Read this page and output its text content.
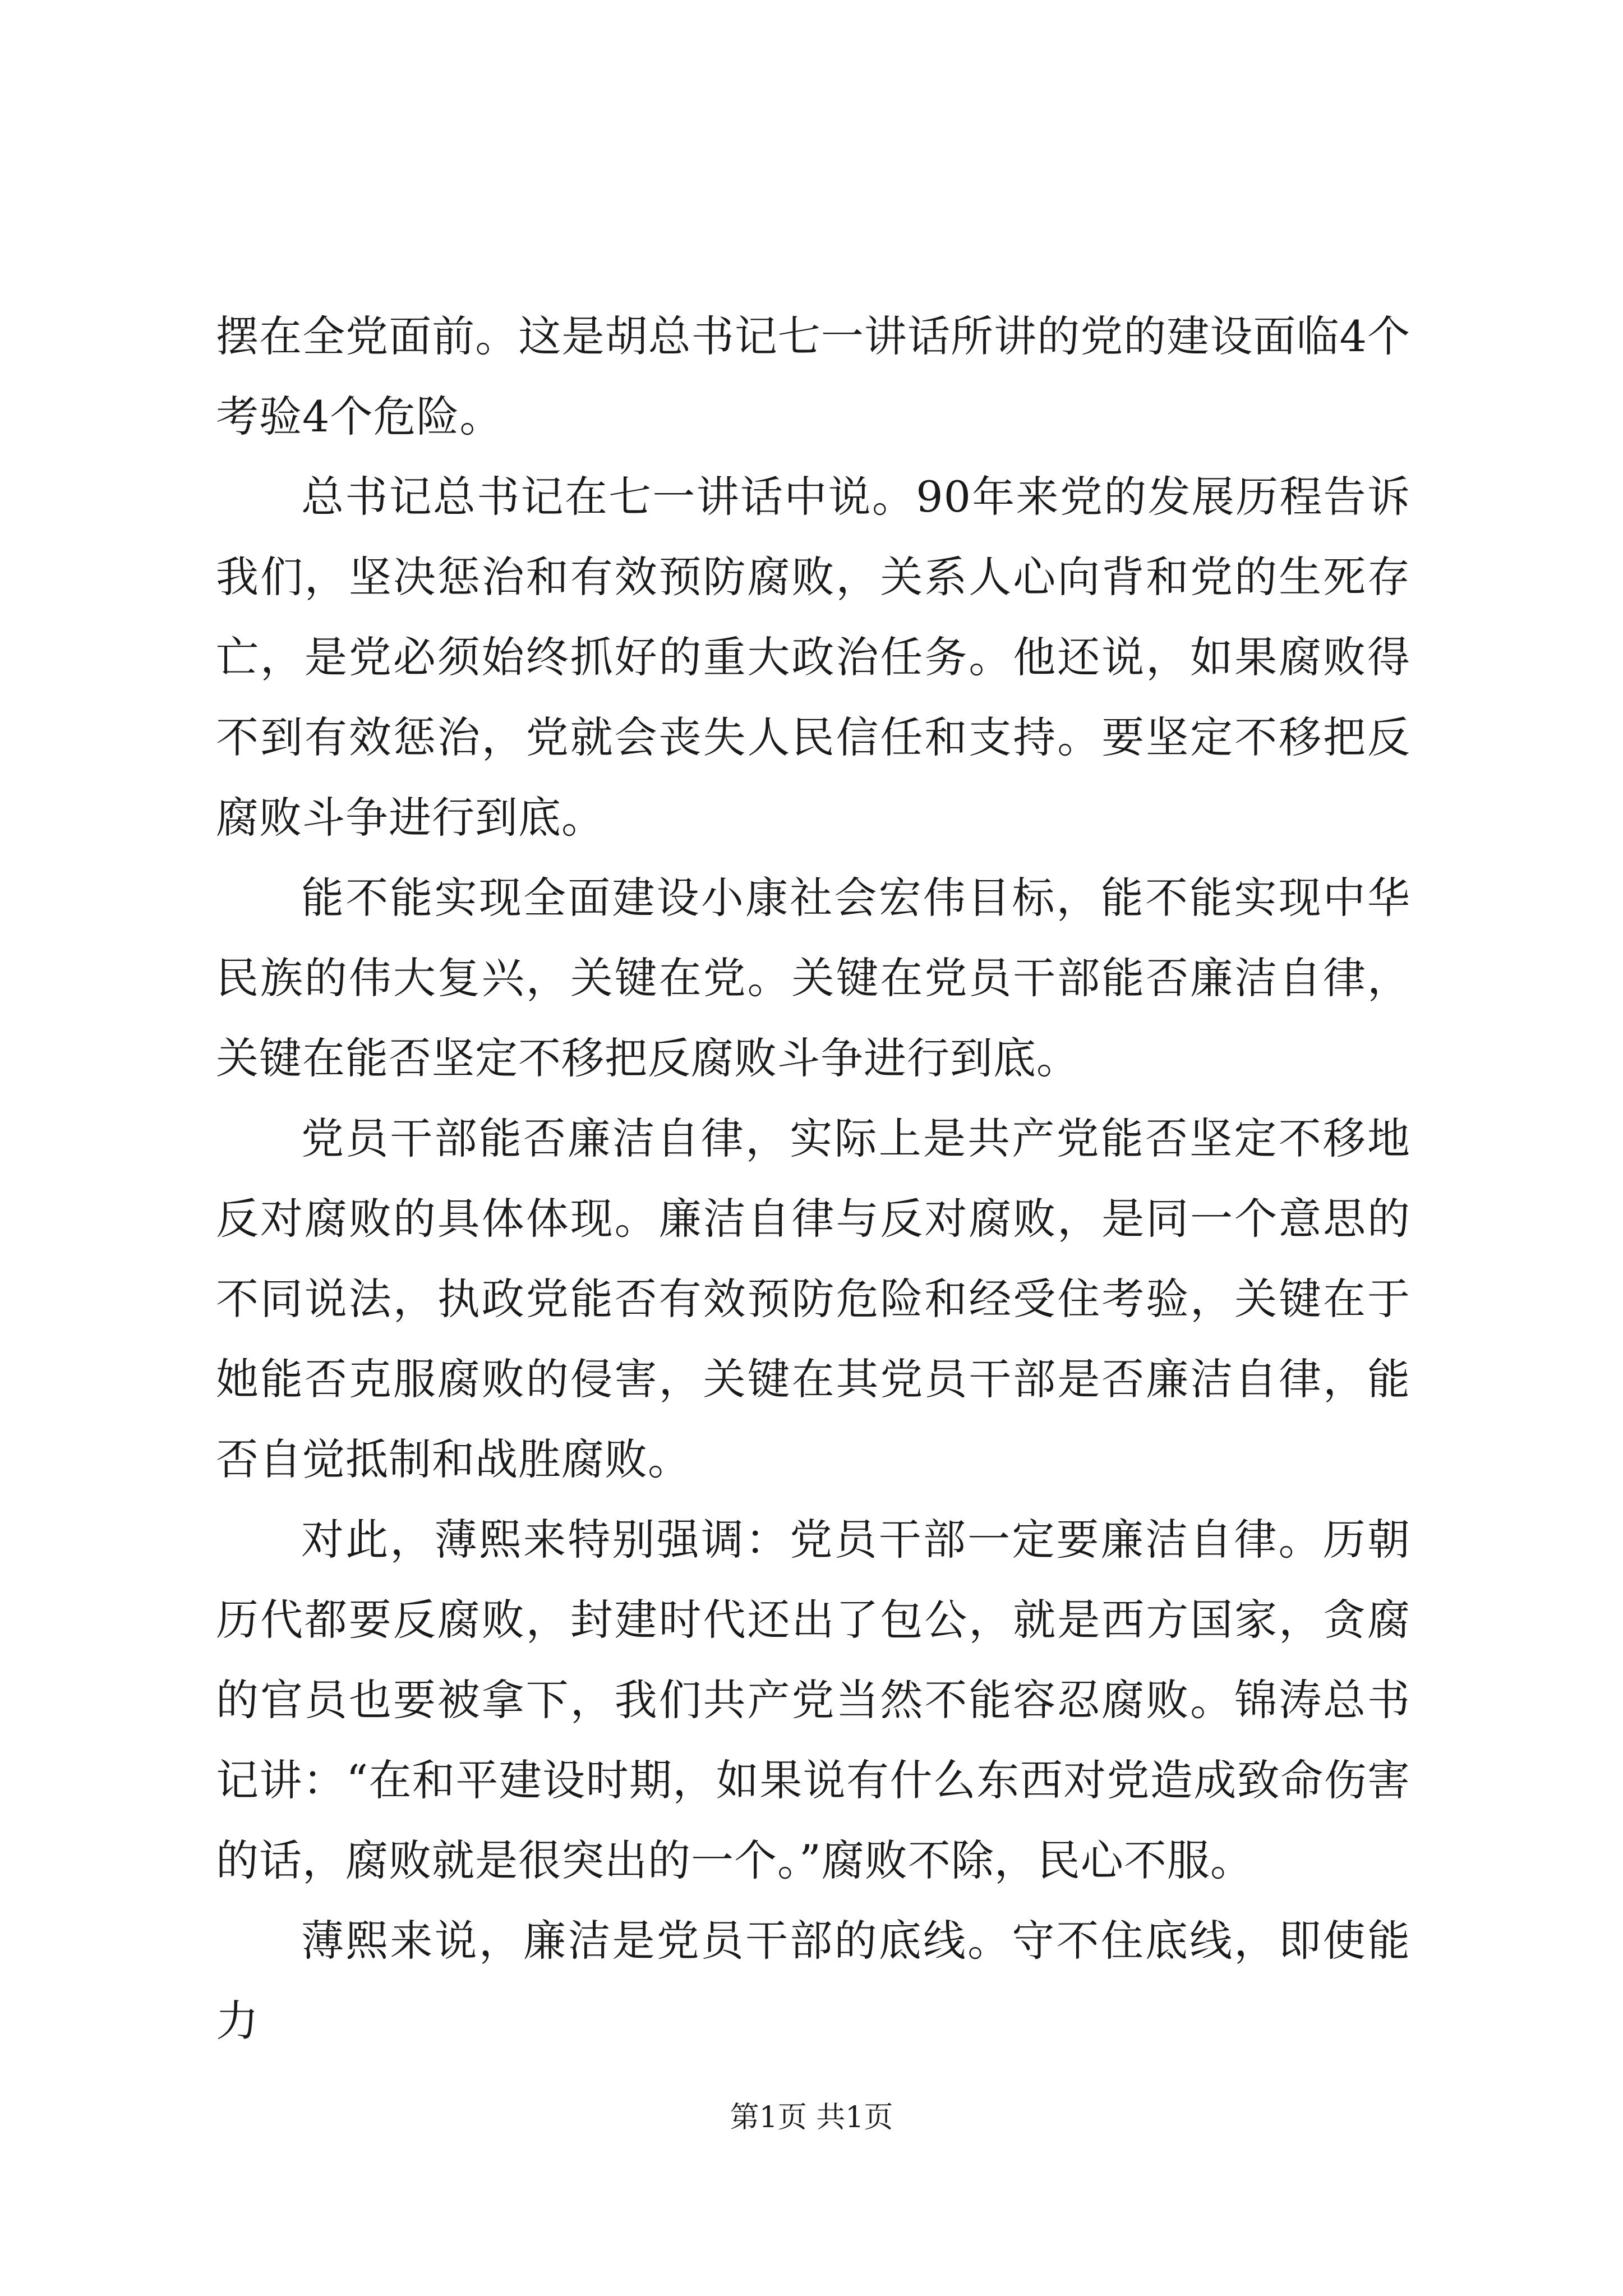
摆在全党面前。这是胡总书记七一讲话所讲的党的建设面临4个考验4个危险。

总书记总书记在七一讲话中说。90年来党的发展历程告诉我们，坚决惩治和有效预防腐败，关系人心向背和党的生死存亡，是党必须始终抓好的重大政治任务。他还说，如果腐败得不到有效惩治，党就会丧失人民信任和支持。要坚定不移把反腐败斗争进行到底。

能不能实现全面建设小康社会宏伟目标，能不能实现中华民族的伟大复兴，关键在党。关键在党员干部能否廉洁自律，关键在能否坚定不移把反腐败斗争进行到底。

党员干部能否廉洁自律，实际上是共产党能否坚定不移地反对腐败的具体体现。廉洁自律与反对腐败，是同一个意思的不同说法，执政党能否有效预防危险和经受住考验，关键在于她能否克服腐败的侵害，关键在其党员干部是否廉洁自律，能否自觉抵制和战胜腐败。

对此，薄熙来特别强调：党员干部一定要廉洁自律。历朝历代都要反腐败，封建时代还出了包公，就是西方国家，贪腐的官员也要被拿下，我们共产党当然不能容忍腐败。锦涛总书记讲：“在和平建设时期，如果说有什么东西对党造成致命伤害的话，腐败就是很突出的一个。”腐败不除，民心不服。

薄熙来说，廉洁是党员干部的底线。守不住底线，即使能力

第1页 共1页
